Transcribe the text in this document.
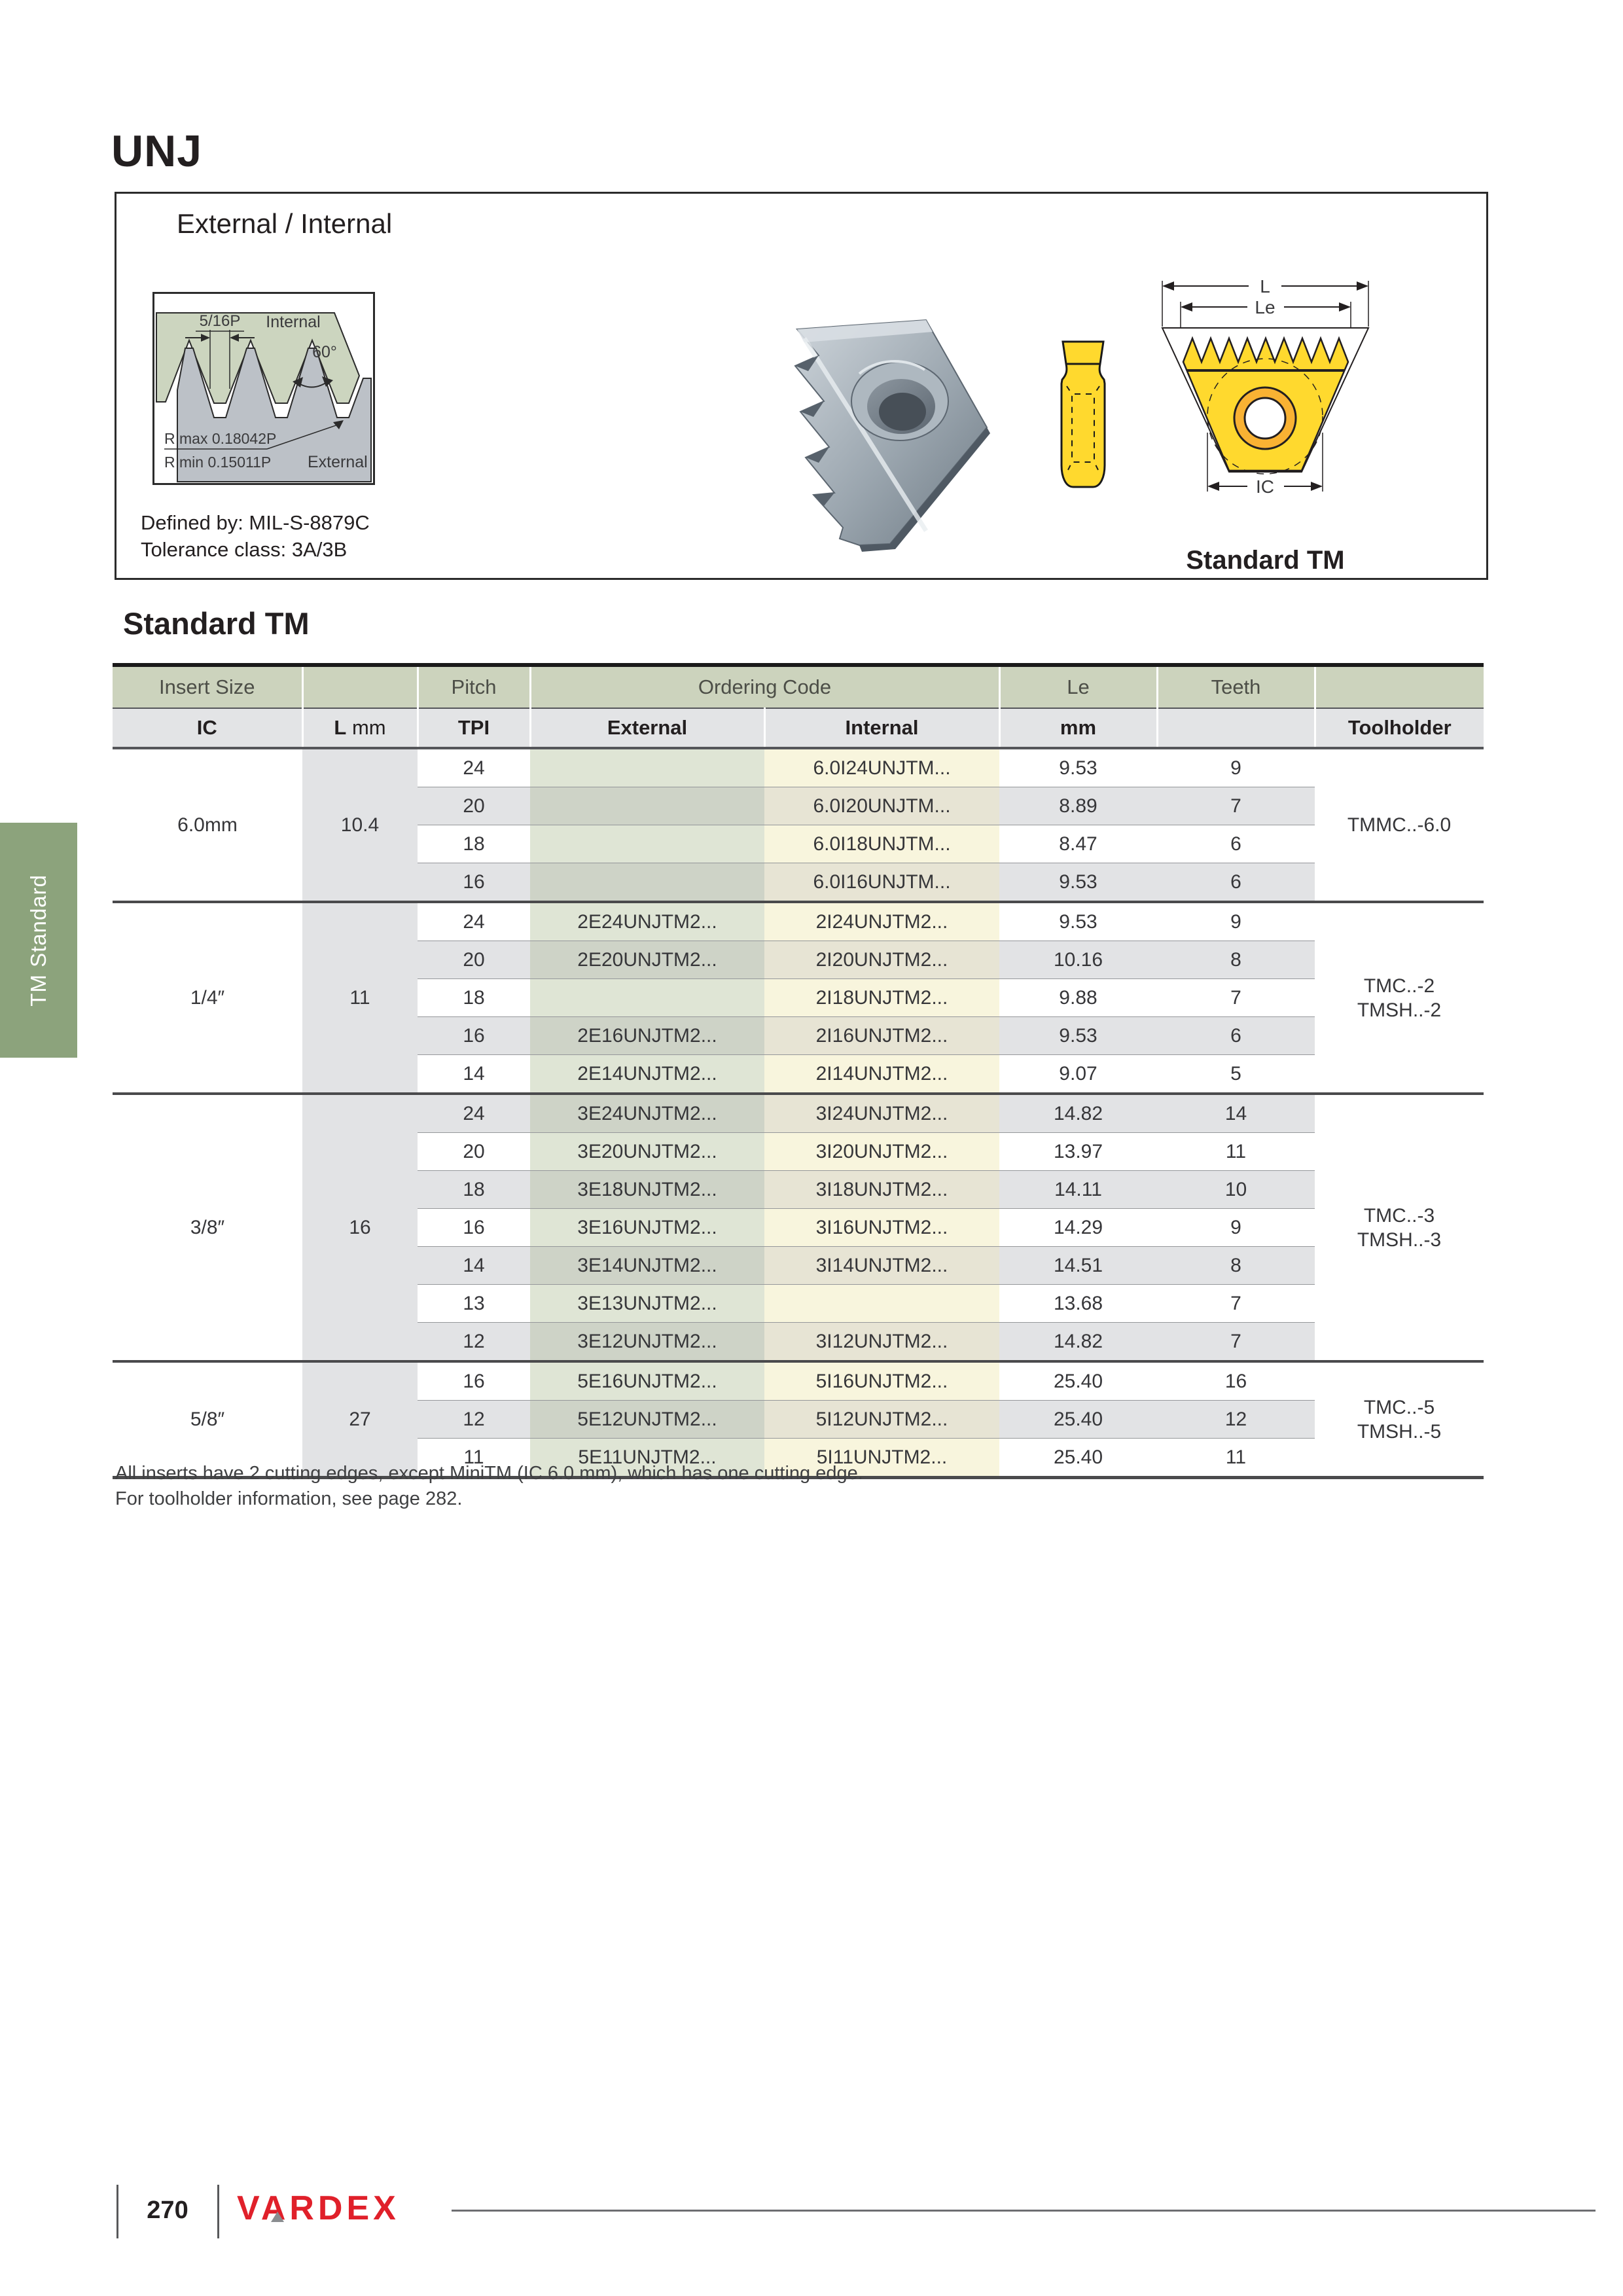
UNJ
External / Internal
5/16P Internal
60°
R max 0.18042P
R min 0.15011P External
Defined by: MIL-S-8879C
Tolerance class: 3A/3B
L
Le
IC
Standard TM
TM Standard
Standard TM
Insert Size		Pitch	Ordering Code		Le	Teeth	
IC	L mm	TPI	External	Internal	mm		Toolholder
6.0mm	10.4	24		6.0I24UNJTM...	9.53	9	TMMC..-6.0

		20		6.0I20UNJTM...	8.89	7	
		18		6.0I18UNJTM...	8.47	6	
		16		6.0I16UNJTM...	9.53	6	
1/4″	11	24	2E24UNJTM2...	2I24UNJTM2...	9.53	9	TMC..-2
TMSH..-2

		20	2E20UNJTM2...	2I20UNJTM2...	10.16	8	
		18		2I18UNJTM2...	9.88	7	
		16	2E16UNJTM2...	2I16UNJTM2...	9.53	6	
		14	2E14UNJTM2...	2I14UNJTM2...	9.07	5	
3/8″	16	24	3E24UNJTM2...	3I24UNJTM2...	14.82	14	TMC..-3
TMSH..-3

		20	3E20UNJTM2...	3I20UNJTM2...	13.97	11	
		18	3E18UNJTM2...	3I18UNJTM2...	14.11	10	
		16	3E16UNJTM2...	3I16UNJTM2...	14.29	9	
		14	3E14UNJTM2...	3I14UNJTM2...	14.51	8	
		13	3E13UNJTM2...		13.68	7	
		12	3E12UNJTM2...	3I12UNJTM2...	14.82	7	
5/8″	27	16	5E16UNJTM2...	5I16UNJTM2...	25.40	16	TMC..-5
TMSH..-5

		12	5E12UNJTM2...	5I12UNJTM2...	25.40	12	
		11	5E11UNJTM2...	5I11UNJTM2...	25.40	11	
All inserts have 2 cutting edges, except MiniTM (IC 6.0 mm), which has one cutting edge.
For toolholder information, see page 282.
270	VARDEX
